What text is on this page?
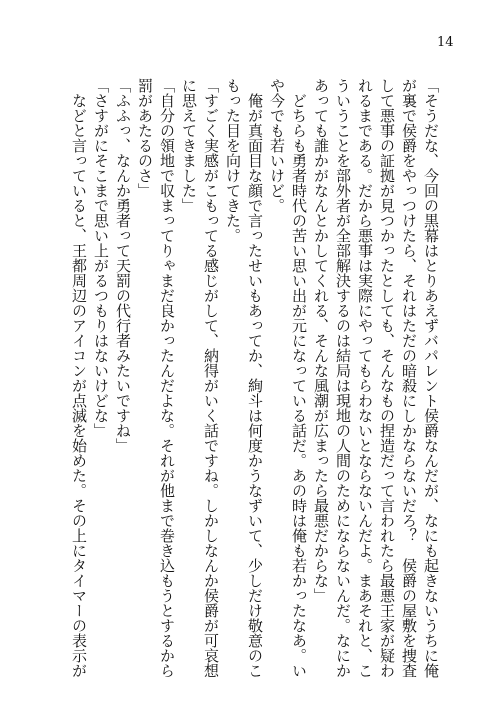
14
「そうだな、今回の黒幕はとりあえずバパレント侯爵なんだが、なにも起きないうちに俺
が裏で侯爵をやっつけたら、それはただの暗殺にしかならないだろ？　侯爵の屋敷を捜査
して悪事の証拠が見つかったとしても、そんなもの捏造だって言われたら最悪王家が疑わ
れるまである。だから悪事は実際にやってもらわないとならないんだよ。まあそれと、こ
ういうことを部外者が全部解決するのは結局は現地の人間のためにならないんだ。なにか
あっても誰かがなんとかしてくれる、そんな風潮が広まったら最悪だからな」
　どちらも勇者時代の苦い思い出が元になっている話だ。あの時は俺も若かったなあ。い
や今でも若いけど。
　俺が真面目な顔で言ったせいもあってか、絢斗は何度かうなずいて、少しだけ敬意のこ
もった目を向けてきた。
「すごく実感がこもってる感じがして、納得がいく話ですね。しかしなんか侯爵が可哀想
に思えてきました」
「自分の領地で収まってりゃまだ良かったんだよな。それが他まで巻き込もうとするから
罰があたるのさ」
「ふふっ、なんか勇者って天罰の代行者みたいですね」
「さすがにそこまで思い上がるつもりはないけどな」
　などと言っていると、王都周辺のアイコンが点滅を始めた。その上にタイマーの表示が
